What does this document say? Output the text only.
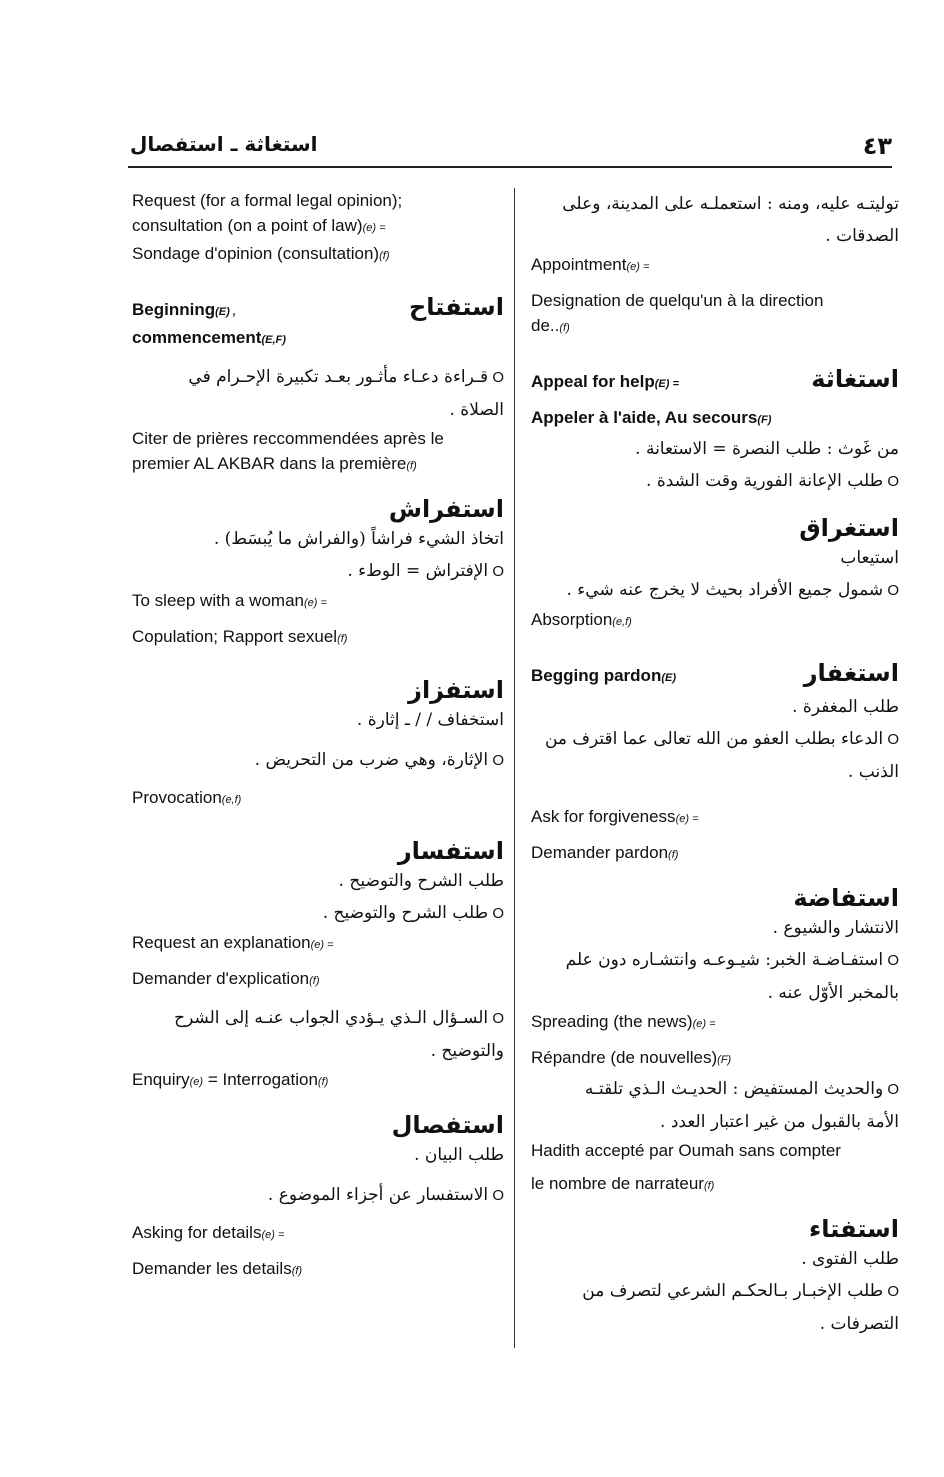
استغاثة ـ استفصال	٤٣
Request (for a formal legal opinion);
consultation (on a point of law)(e) =
Sondage d'opinion (consultation)(f)
Beginning(E) ,	استفتاح
commencement(E,F)
O قـراءة دعـاء مأثـور بعـد تكبيرة الإحـرام في
الصلاة .
Citer de prières reccommendées après le
premier AL AKBAR dans la première(f)
استفراش
اتخاذ الشيء فراشاً (والفراش ما يُبسَط) .
O الإفتراش = الوطء .
To sleep with a woman(e) =
Copulation; Rapport sexuel(f)
استفزاز
استخفاف / / ـ إثارة .
O الإثارة، وهي ضرب من التحريض .
Provocation(e,f)
استفسار
طلب الشرح والتوضيح .
O طلب الشرح والتوضيح .
Request an explanation(e) =
Demander d'explication(f)
O السـؤال الـذي يـؤدي الجواب عنـه إلى الشرح
والتوضيح .
Enquiry(e) = Interrogation(f)
استفصال
طلب البيان .
O الاستفسار عن أجزاء الموضوع .
Asking for details(e) =
Demander les details(f)
توليتـه عليه، ومنه : استعملـه على المدينة، وعلى
الصدقات .
Appointment(e) =
Designation de quelqu'un à la direction
de..(f)
Appeal for help(E) =	استغاثة
Appeler à l'aide, Au secours(F)
من غَوث : طلب النصرة = الاستعانة .
O طلب الإعانة الفورية وقت الشدة .
استغراق
استيعاب
O شمول جميع الأفراد بحيث لا يخرج عنه شيء .
Absorption(e,f)
Begging pardon(E)	استغفار
طلب المغفرة .
O الدعاء بطلب العفو من الله تعالى عما اقترف من
الذنب .
Ask for forgiveness(e) =
Demander pardon(f)
استفاضة
الانتشار والشيوع .
O استفـاضـة الخبر: شيـوعـه وانتشـاره دون علم
بالمخبر الأوّل عنه .
Spreading (the news)(e) =
Répandre (de nouvelles)(F)
O والحديث المستفيض : الحديـث الـذي تلقتـه
الأمة بالقبول من غير اعتبار العدد .
Hadith accepté par Oumah sans compter
le nombre de narrateur(f)
استفتاء
طلب الفتوى .
O طلب الإخبـار بـالحكـم الشرعي لتصرف من
التصرفات .
